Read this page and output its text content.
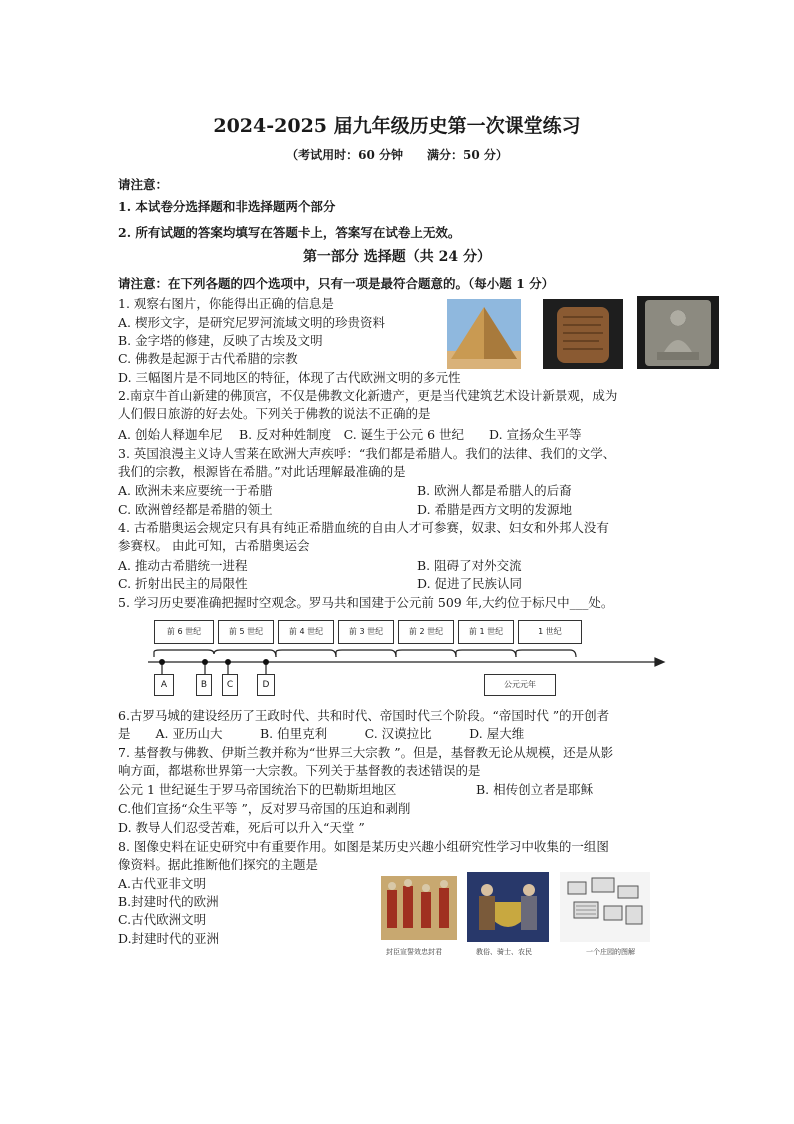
2024-2025 届九年级历史第一次课堂练习
（考试用时：60 分钟　　满分：50 分）
请注意：
1. 本试卷分选择题和非选择题两个部分
2. 所有试题的答案均填写在答题卡上，答案写在试卷上无效。
第一部分 选择题（共 24 分）
请注意：在下列各题的四个选项中，只有一项是最符合题意的。（每小题 1 分）
1. 观察右图片，你能得出正确的信息是
A. 楔形文字，是研究尼罗河流域文明的珍贵资料
B. 金字塔的修建，反映了古埃及文明
C. 佛教是起源于古代希腊的宗教
D. 三幅图片是不同地区的特征，体现了古代欧洲文明的多元性
2.南京牛首山新建的佛顶宫，不仅是佛教文化新遗产，更是当代建筑艺术设计新景观，成为
人们假日旅游的好去处。下列关于佛教的说法不正确的是
A. 创始人释迦牟尼　 B. 反对种姓制度　C. 诞生于公元 6 世纪　　D. 宣扬众生平等
3. 英国浪漫主义诗人雪莱在欧洲大声疾呼：“我们都是希腊人。我们的法律、我们的文学、
我们的宗教，根源皆在希腊。”对此话理解最准确的是
A. 欧洲未来应要统一于希腊	B. 欧洲人都是希腊人的后裔
C. 欧洲曾经都是希腊的领土	D. 希腊是西方文明的发源地
4. 古希腊奥运会规定只有具有纯正希腊血统的自由人才可参赛，奴隶、妇女和外邦人没有
参赛权。 由此可知，古希腊奥运会
A. 推动古希腊统一进程	B. 阻碍了对外交流
C. 折射出民主的局限性	D. 促进了民族认同
5. 学习历史要准确把握时空观念。罗马共和国建于公元前 509 年,大约位于标尺中___处。
前 6 世纪	前 5 世纪	前 4 世纪	前 3 世纪	前 2 世纪	前 1 世纪	1 世纪
A	B	C	D	公元元年
6.古罗马城的建设经历了王政时代、共和时代、帝国时代三个阶段。“帝国时代 ”的开创者
是　　A. 亚历山大　　　B. 伯里克利　　　C. 汉谟拉比　　　D. 屋大维
7. 基督教与佛教、伊斯兰教并称为“世界三大宗教 ”。但是，基督教无论从规模，还是从影
响方面，都堪称世界第一大宗教。下列关于基督教的表述错误的是
公元 1 世纪诞生于罗马帝国统治下的巴勒斯坦地区	B. 相传创立者是耶稣
C.他们宣扬“众生平等 ”，反对罗马帝国的压迫和剥削
D. 教导人们忍受苦难，死后可以升入“天堂 ”
8. 图像史料在证史研究中有重要作用。如图是某历史兴趣小组研究性学习中收集的一组图
像资料。据此推断他们探究的主题是
A.古代亚非文明
B.封建时代的欧洲
C.古代欧洲文明
D.封建时代的亚洲
封臣宣誓效忠封君	教俗、骑士、农民	一个庄园的图解
